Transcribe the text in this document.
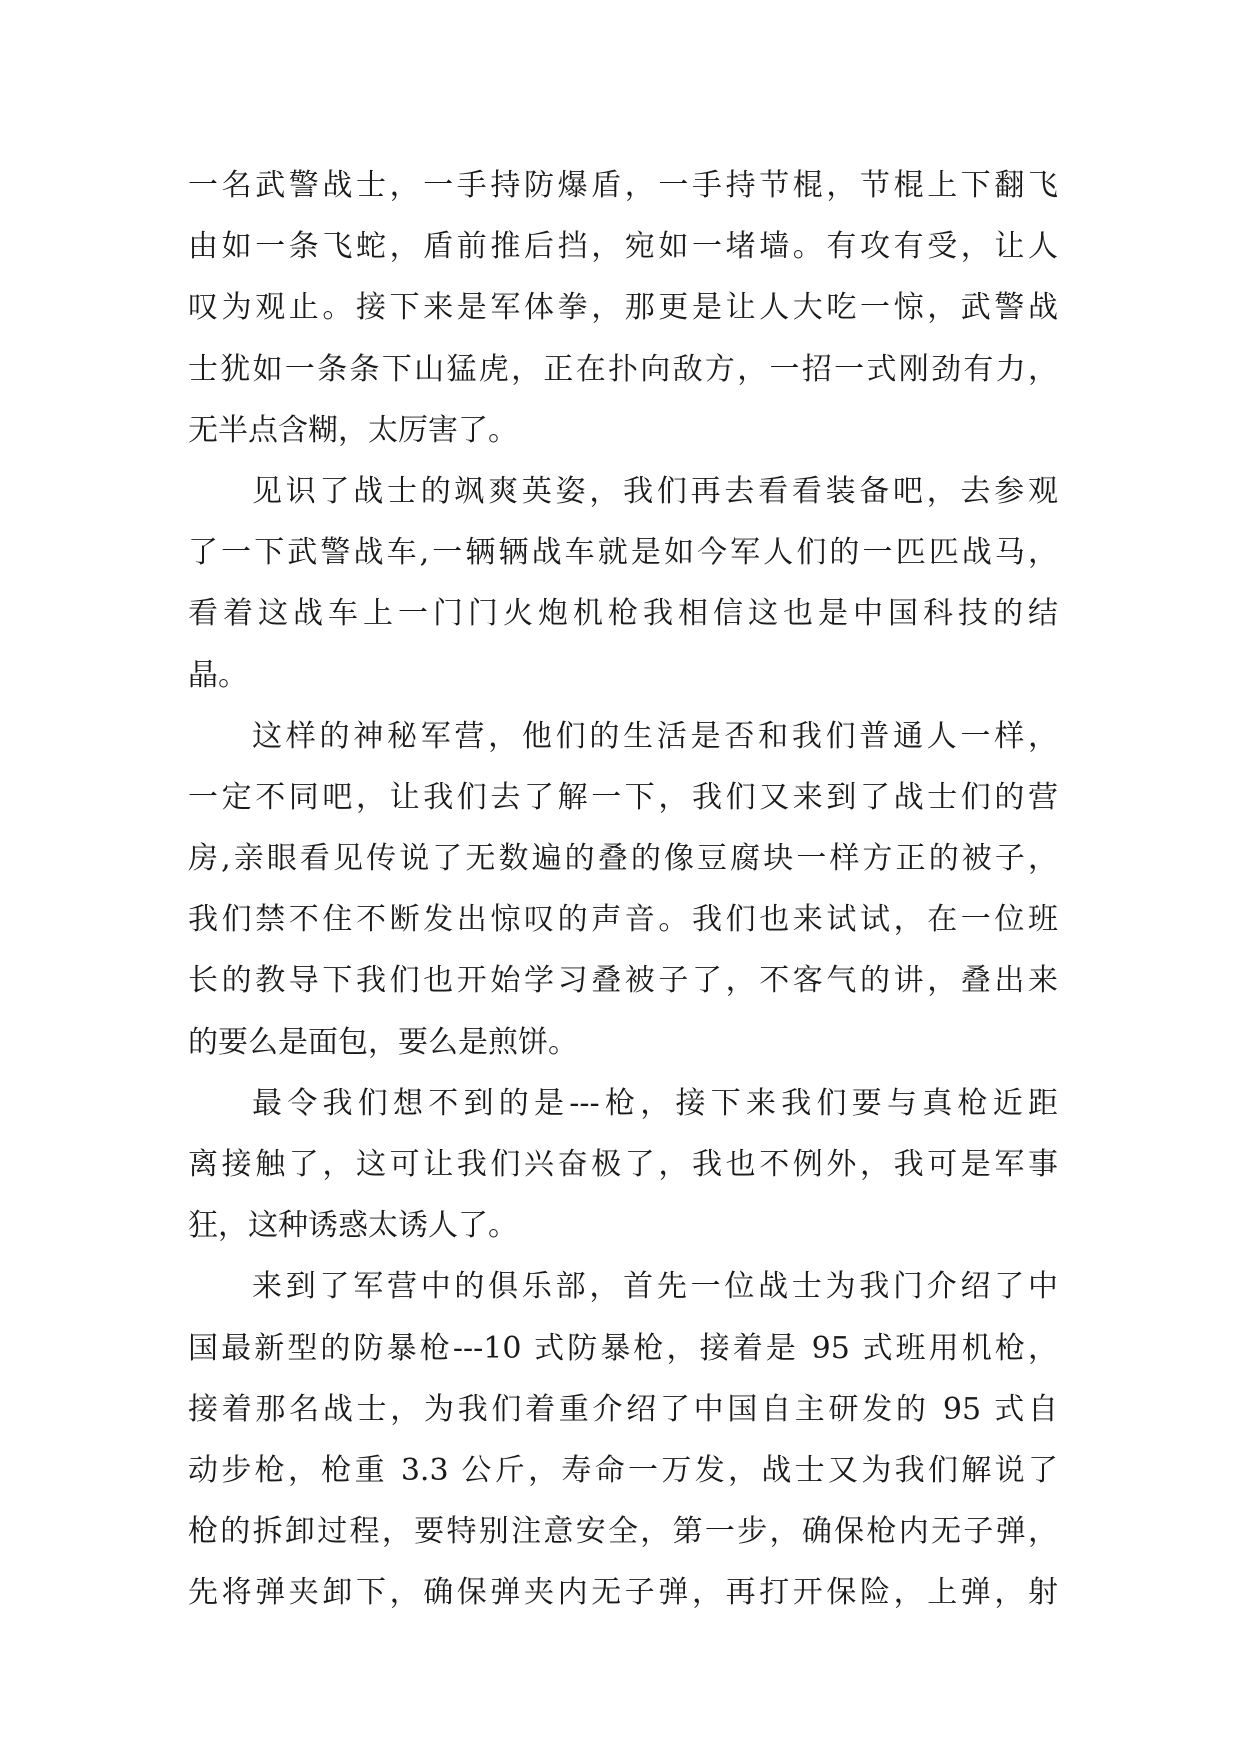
一名武警战士，一手持防爆盾，一手持节棍，节棍上下翻飞
由如一条飞蛇，盾前推后挡，宛如一堵墙。有攻有受，让人
叹为观止。接下来是军体拳，那更是让人大吃一惊，武警战
士犹如一条条下山猛虎，正在扑向敌方，一招一式刚劲有力，
无半点含糊，太厉害了。
见识了战士的飒爽英姿，我们再去看看装备吧，去参观
了一下武警战车,一辆辆战车就是如今军人们的一匹匹战马，
看着这战车上一门门火炮机枪我相信这也是中国科技的结
晶。
这样的神秘军营，他们的生活是否和我们普通人一样，
一定不同吧，让我们去了解一下，我们又来到了战士们的营
房,亲眼看见传说了无数遍的叠的像豆腐块一样方正的被子，
我们禁不住不断发出惊叹的声音。我们也来试试，在一位班
长的教导下我们也开始学习叠被子了，不客气的讲，叠出来
的要么是面包，要么是煎饼。
最令我们想不到的是---枪，接下来我们要与真枪近距
离接触了，这可让我们兴奋极了，我也不例外，我可是军事
狂，这种诱惑太诱人了。
来到了军营中的俱乐部，首先一位战士为我门介绍了中
国最新型的防暴枪---10 式防暴枪，接着是 95 式班用机枪，
接着那名战士，为我们着重介绍了中国自主研发的 95 式自
动步枪，枪重 3.3 公斤，寿命一万发，战士又为我们解说了
枪的拆卸过程，要特别注意安全，第一步，确保枪内无子弹，
先将弹夹卸下，确保弹夹内无子弹，再打开保险，上弹，射
